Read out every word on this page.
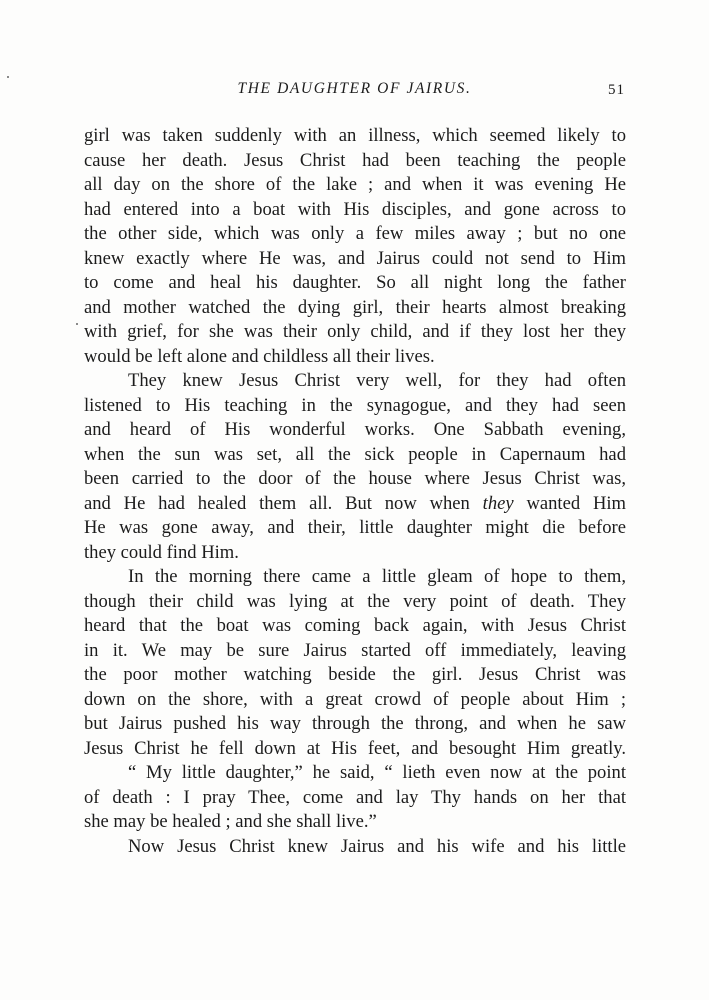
THE DAUGHTER OF JAIRUS.	51
girl was taken suddenly with an illness, which seemed likely to
cause her death. Jesus Christ had been teaching the people
all day on the shore of the lake ; and when it was evening He
had entered into a boat with His disciples, and gone across to
the other side, which was only a few miles away ; but no one
knew exactly where He was, and Jairus could not send to Him
to come and heal his daughter. So all night long the father
and mother watched the dying girl, their hearts almost breaking
with grief, for she was their only child, and if they lost her they
would be left alone and childless all their lives.
They knew Jesus Christ very well, for they had often
listened to His teaching in the synagogue, and they had seen
and heard of His wonderful works. One Sabbath evening,
when the sun was set, all the sick people in Capernaum had
been carried to the door of the house where Jesus Christ was,
and He had healed them all. But now when they wanted Him
He was gone away, and their, little daughter might die before
they could find Him.
In the morning there came a little gleam of hope to them,
though their child was lying at the very point of death. They
heard that the boat was coming back again, with Jesus Christ
in it. We may be sure Jairus started off immediately, leaving
the poor mother watching beside the girl. Jesus Christ was
down on the shore, with a great crowd of people about Him ;
but Jairus pushed his way through the throng, and when he saw
Jesus Christ he fell down at His feet, and besought Him greatly.
“ My little daughter,” he said, “ lieth even now at the point
of death : I pray Thee, come and lay Thy hands on her that
she may be healed ; and she shall live.”
Now Jesus Christ knew Jairus and his wife and his little
